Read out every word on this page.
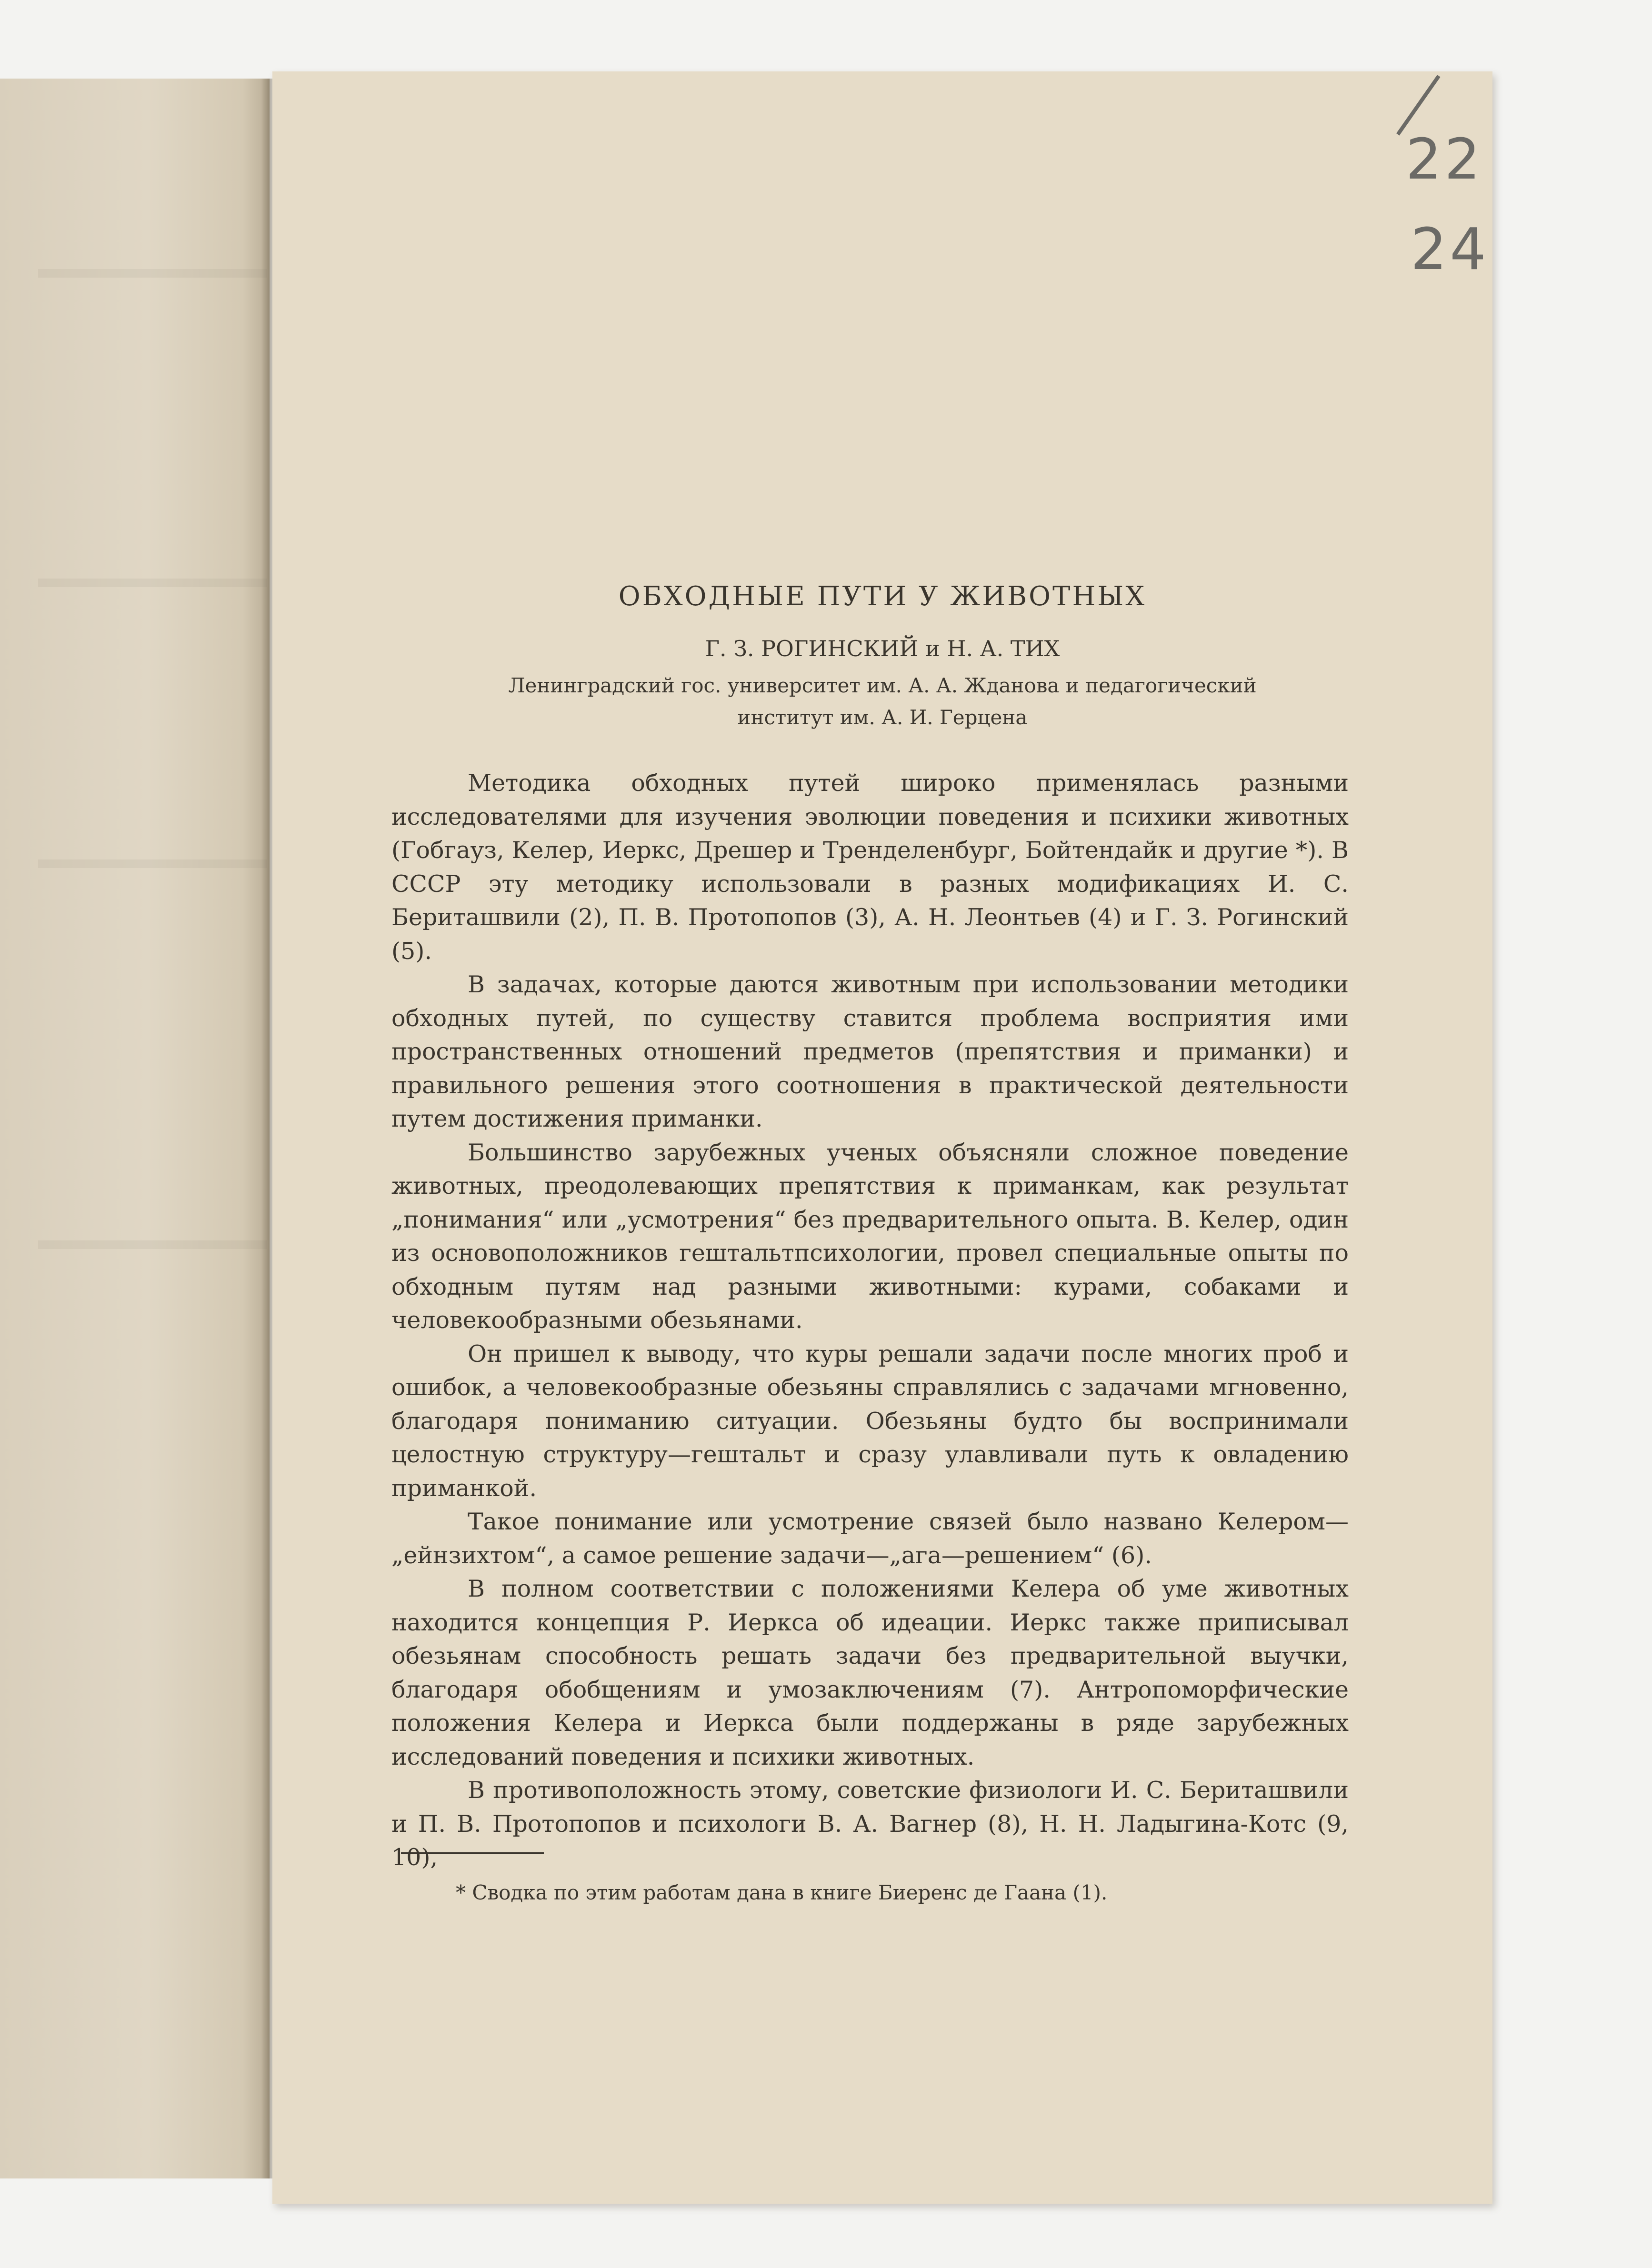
22
24
ОБХОДНЫЕ ПУТИ У ЖИВОТНЫХ
Г. З. РОГИНСКИЙ и Н. А. ТИХ
Ленинградский гос. университет им. А. А. Жданова и педагогический
институт им. А. И. Герцена

Методика обходных путей широко применялась разными исследователями для изучения эволюции поведения и психики животных (Гобгауз, Келер, Иеркс, Дрешер и Тренделенбург, Бойтендайк и другие *). В СССР эту методику использовали в разных модификациях И. С. Бериташвили (2), П. В. Протопопов (3), А. Н. Леонтьев (4) и Г. З. Рогинский (5).

В задачах, которые даются животным при использовании методики обходных путей, по существу ставится проблема восприятия ими пространственных отношений предметов (препятствия и приманки) и правильного решения этого соотношения в практической деятельности путем достижения приманки.

Большинство зарубежных ученых объясняли сложное поведение животных, преодолевающих препятствия к приманкам, как результат „понимания“ или „усмотрения“ без предварительного опыта. В. Келер, один из основоположников гештальтпсихологии, провел специальные опыты по обходным путям над разными животными: курами, собаками и человекообразными обезьянами.

Он пришел к выводу, что куры решали задачи после многих проб и ошибок, а человекообразные обезьяны справлялись с задачами мгновенно, благодаря пониманию ситуации. Обезьяны будто бы воспринимали целостную структуру—гештальт и сразу улавливали путь к овладению приманкой.

Такое понимание или усмотрение связей было названо Келером—„ейнзихтом“, а самое решение задачи—„ага—решением“ (6).

В полном соответствии с положениями Келера об уме животных находится концепция Р. Иеркса об идеации. Иеркс также приписывал обезьянам способность решать задачи без предварительной выучки, благодаря обобщениям и умозаключениям (7). Антропоморфические положения Келера и Иеркса были поддержаны в ряде зарубежных исследований поведения и психики животных.

В противоположность этому, советские физиологи И. С. Бериташвили и П. В. Протопопов и психологи В. А. Вагнер (8), Н. Н. Ладыгина-Котс (9, 10),

* Сводка по этим работам дана в книге Биеренс де Гаана (1).
